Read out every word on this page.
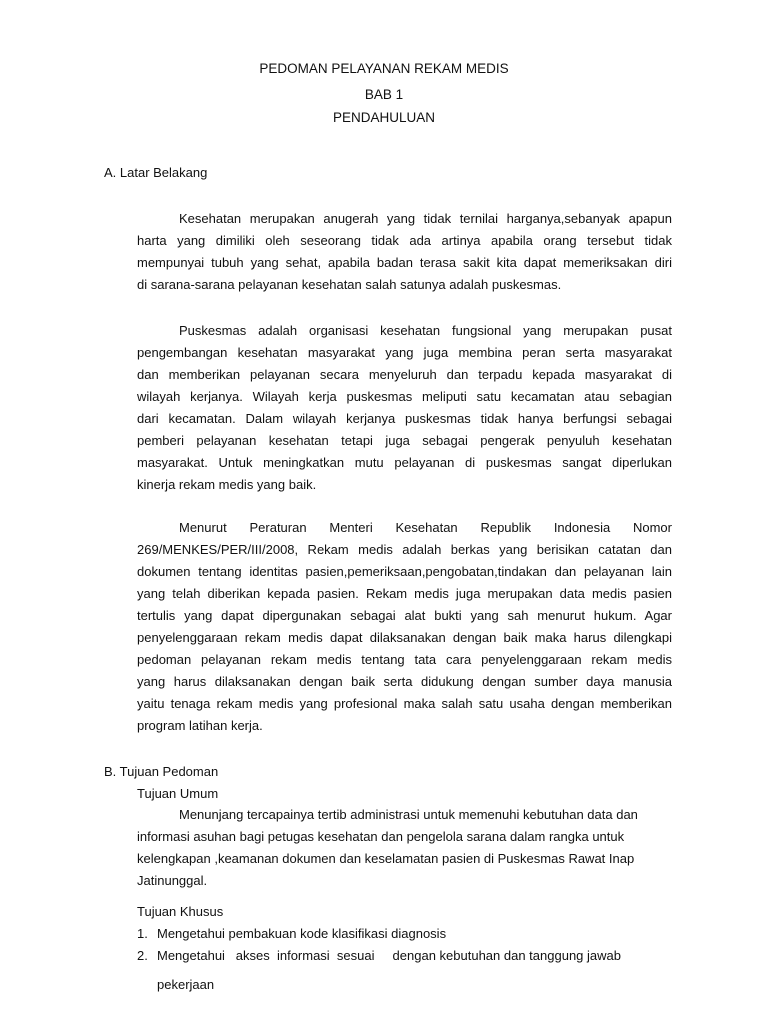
PEDOMAN PELAYANAN REKAM MEDIS
BAB 1
PENDAHULUAN
A. Latar Belakang
Kesehatan merupakan anugerah yang tidak ternilai harganya,sebanyak apapun
harta yang dimiliki oleh seseorang tidak ada artinya apabila orang tersebut tidak
mempunyai tubuh yang sehat, apabila badan terasa sakit kita dapat memeriksakan diri
di sarana-sarana pelayanan kesehatan salah satunya adalah puskesmas.
Puskesmas adalah organisasi kesehatan fungsional yang merupakan pusat
pengembangan kesehatan masyarakat yang juga membina peran serta masyarakat
dan memberikan pelayanan secara menyeluruh dan terpadu kepada masyarakat di
wilayah kerjanya. Wilayah kerja puskesmas meliputi satu kecamatan atau sebagian
dari kecamatan. Dalam wilayah kerjanya puskesmas tidak hanya berfungsi sebagai
pemberi pelayanan kesehatan tetapi juga sebagai pengerak penyuluh kesehatan
masyarakat. Untuk meningkatkan mutu pelayanan di puskesmas sangat diperlukan
kinerja rekam medis yang baik.
Menurut Peraturan Menteri Kesehatan Republik Indonesia Nomor
269/MENKES/PER/III/2008, Rekam medis adalah berkas yang berisikan catatan dan
dokumen tentang identitas pasien,pemeriksaan,pengobatan,tindakan dan pelayanan lain
yang telah diberikan kepada pasien. Rekam medis juga merupakan data medis pasien
tertulis yang dapat dipergunakan sebagai alat bukti yang sah menurut hukum. Agar
penyelenggaraan rekam medis dapat dilaksanakan dengan baik maka harus dilengkapi
pedoman pelayanan rekam medis tentang tata cara penyelenggaraan rekam medis
yang harus dilaksanakan dengan baik serta didukung dengan sumber daya manusia
yaitu tenaga rekam medis yang profesional maka salah satu usaha dengan memberikan
program latihan kerja.
B. Tujuan Pedoman
Tujuan Umum
Menunjang tercapainya tertib administrasi untuk memenuhi kebutuhan data dan
informasi asuhan bagi petugas kesehatan dan pengelola sarana dalam rangka untuk
kelengkapan ,keamanan dokumen dan keselamatan pasien di Puskesmas Rawat Inap
Jatinunggal.
Tujuan Khusus
1. Mengetahui pembakuan kode klasifikasi diagnosis
2. Mengetahui   akses  informasi  sesuai     dengan kebutuhan dan tanggung jawab
pekerjaan
